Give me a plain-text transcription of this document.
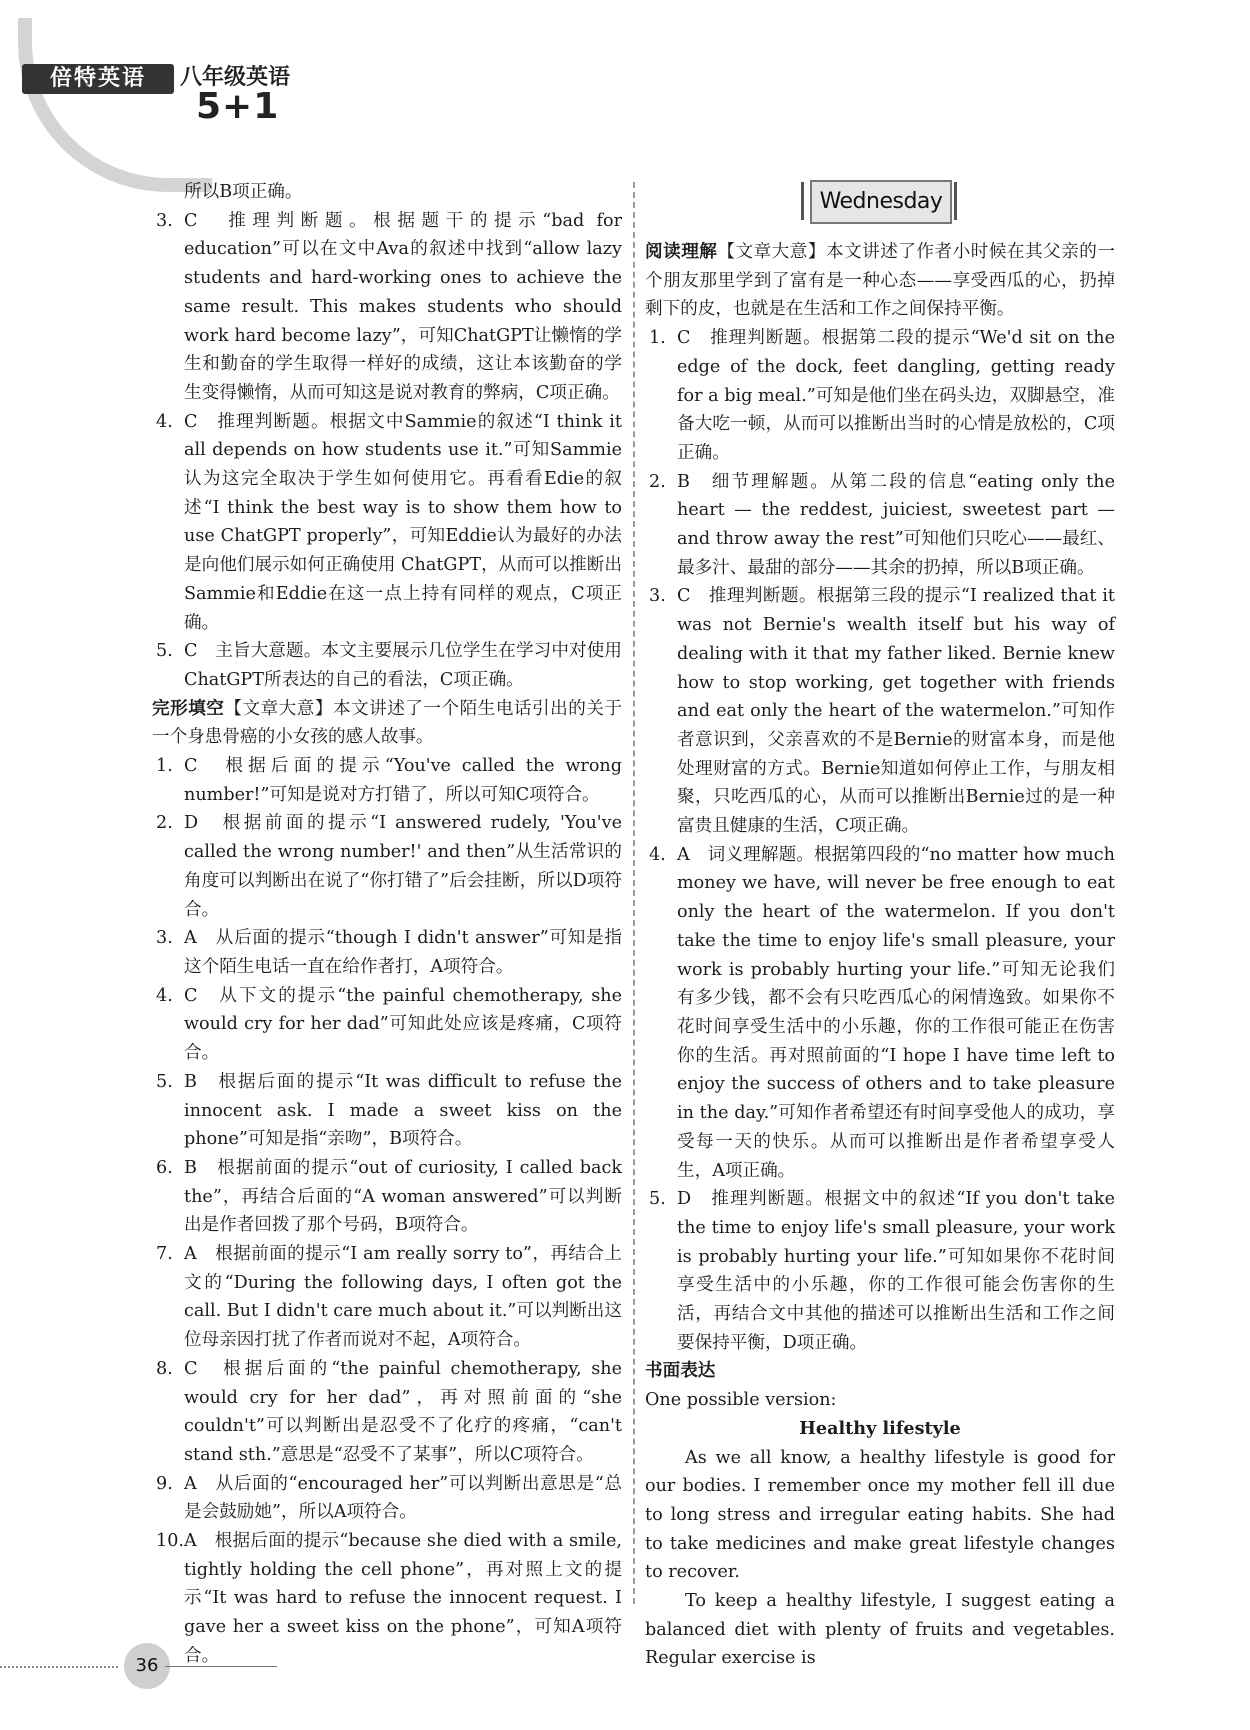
倍特英语	八年级英语
5+1

所以B项正确。

3. C　推理判断题。根据题干的提示“bad for education”可以在文中Ava的叙述中找到“allow lazy students and hard-working ones to achieve the same result. This makes students who should work hard become lazy”，可知ChatGPT让懒惰的学生和勤奋的学生取得一样好的成绩，这让本该勤奋的学生变得懒惰，从而可知这是说对教育的弊病，C项正确。

4. C　推理判断题。根据文中Sammie的叙述“I think it all depends on how students use it.”可知Sammie认为这完全取决于学生如何使用它。再看看Edie的叙述“I think the best way is to show them how to use ChatGPT properly”，可知Eddie认为最好的办法是向他们展示如何正确使用 ChatGPT，从而可以推断出Sammie和Eddie在这一点上持有同样的观点，C项正确。

5. C　主旨大意题。本文主要展示几位学生在学习中对使用ChatGPT所表达的自己的看法，C项正确。

完形填空【文章大意】本文讲述了一个陌生电话引出的关于一个身患骨癌的小女孩的感人故事。

1. C　根据后面的提示“You've called the wrong number!”可知是说对方打错了，所以可知C项符合。

2. D　根据前面的提示“I answered rudely, 'You've called the wrong number!' and then”从生活常识的角度可以判断出在说了“你打错了”后会挂断，所以D项符合。

3. A　从后面的提示“though I didn't answer”可知是指这个陌生电话一直在给作者打，A项符合。

4. C　从下文的提示“the painful chemotherapy, she would cry for her dad”可知此处应该是疼痛，C项符合。

5. B　根据后面的提示“It was difficult to refuse the innocent ask. I made a sweet kiss on the phone”可知是指“亲吻”，B项符合。

6. B　根据前面的提示“out of curiosity, I called back the”，再结合后面的“A woman answered”可以判断出是作者回拨了那个号码，B项符合。

7. A　根据前面的提示“I am really sorry to”，再结合上文的“During the following days, I often got the call. But I didn't care much about it.”可以判断出这位母亲因打扰了作者而说对不起，A项符合。

8. C　根据后面的“the painful chemotherapy, she would cry for her dad”，再对照前面的“she couldn't”可以判断出是忍受不了化疗的疼痛，“can't stand sth.”意思是“忍受不了某事”，所以C项符合。

9. A　从后面的“encouraged her”可以判断出意思是“总是会鼓励她”，所以A项符合。

10. A　根据后面的提示“because she died with a smile, tightly holding the cell phone”，再对照上文的提示“It was hard to refuse the innocent request. I gave her a sweet kiss on the phone”，可知A项符合。

Wednesday

阅读理解【文章大意】本文讲述了作者小时候在其父亲的一个朋友那里学到了富有是一种心态——享受西瓜的心，扔掉剩下的皮，也就是在生活和工作之间保持平衡。

1. C　推理判断题。根据第二段的提示“We'd sit on the edge of the dock, feet dangling, getting ready for a big meal.”可知是他们坐在码头边，双脚悬空，准备大吃一顿，从而可以推断出当时的心情是放松的，C项正确。

2. B　细节理解题。从第二段的信息“eating only the heart — the reddest, juiciest, sweetest part — and throw away the rest”可知他们只吃心——最红、最多汁、最甜的部分——其余的扔掉，所以B项正确。

3. C　推理判断题。根据第三段的提示“I realized that it was not Bernie's wealth itself but his way of dealing with it that my father liked. Bernie knew how to stop working, get together with friends and eat only the heart of the watermelon.”可知作者意识到，父亲喜欢的不是Bernie的财富本身，而是他处理财富的方式。Bernie知道如何停止工作，与朋友相聚，只吃西瓜的心，从而可以推断出Bernie过的是一种富贵且健康的生活，C项正确。

4. A　词义理解题。根据第四段的“no matter how much money we have, will never be free enough to eat only the heart of the watermelon. If you don't take the time to enjoy life's small pleasure, your work is probably hurting your life.”可知无论我们有多少钱，都不会有只吃西瓜心的闲情逸致。如果你不花时间享受生活中的小乐趣，你的工作很可能正在伤害你的生活。再对照前面的“I hope I have time left to enjoy the success of others and to take pleasure in the day.”可知作者希望还有时间享受他人的成功，享受每一天的快乐。从而可以推断出是作者希望享受人生，A项正确。

5. D　推理判断题。根据文中的叙述“If you don't take the time to enjoy life's small pleasure, your work is probably hurting your life.”可知如果你不花时间享受生活中的小乐趣，你的工作很可能会伤害你的生活，再结合文中其他的描述可以推断出生活和工作之间要保持平衡，D项正确。

书面表达

One possible version:

Healthy lifestyle

As we all know, a healthy lifestyle is good for our bodies. I remember once my mother fell ill due to long stress and irregular eating habits. She had to take medicines and make great lifestyle changes to recover.

To keep a healthy lifestyle, I suggest eating a balanced diet with plenty of fruits and vegetables. Regular exercise is

36
